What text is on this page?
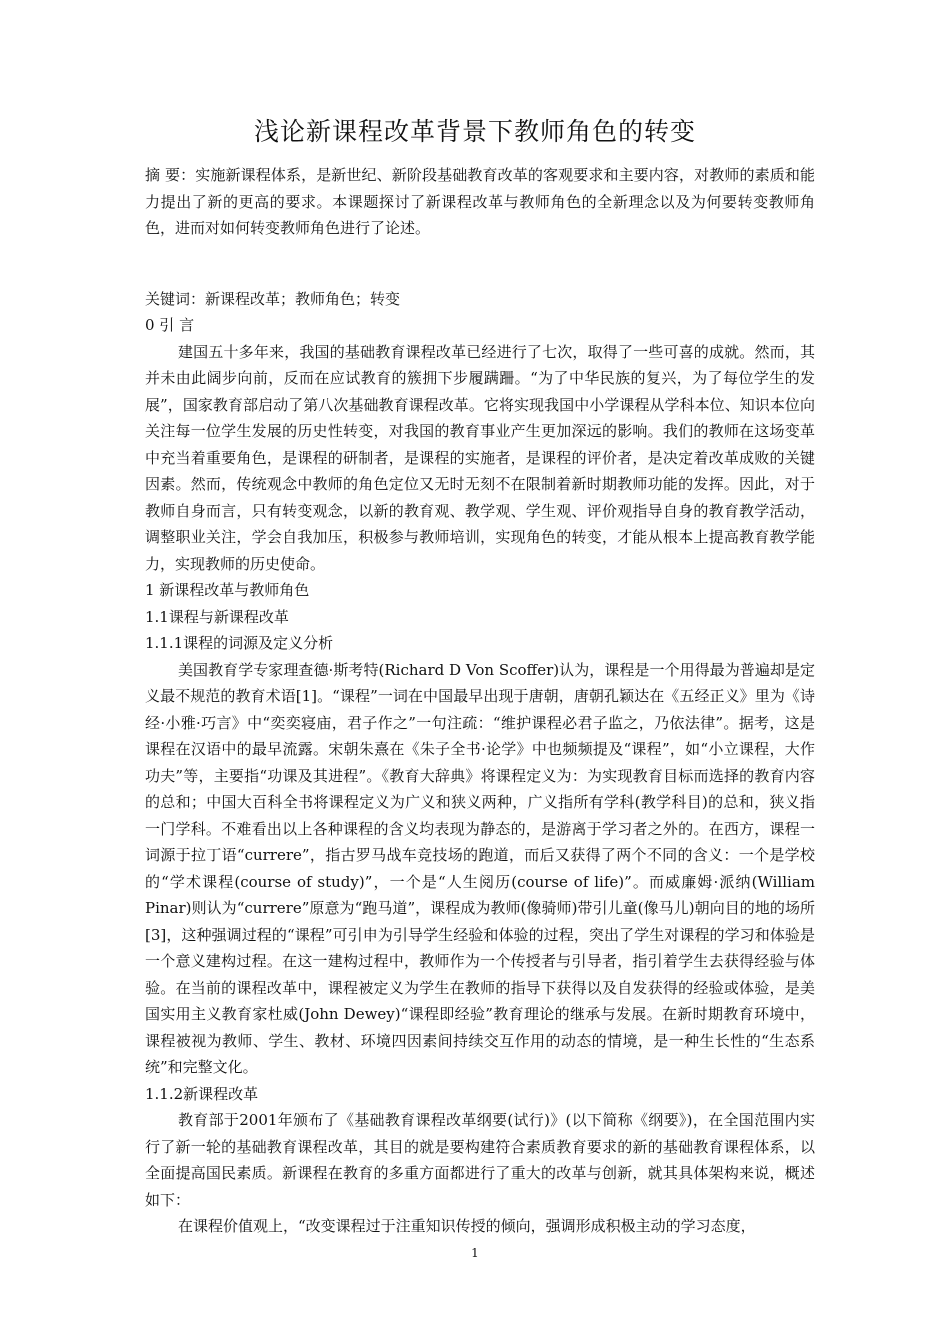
浅论新课程改革背景下教师角色的转变

摘 要：实施新课程体系，是新世纪、新阶段基础教育改革的客观要求和主要内容，对教师的素质和能力提出了新的更高的要求。本课题探讨了新课程改革与教师角色的全新理念以及为何要转变教师角色，进而对如何转变教师角色进行了论述。

关键词：新课程改革；教师角色；转变

0 引 言

建国五十多年来，我国的基础教育课程改革已经进行了七次，取得了一些可喜的成就。然而，其并未由此阔步向前，反而在应试教育的簇拥下步履蹒跚。“为了中华民族的复兴，为了每位学生的发展”，国家教育部启动了第八次基础教育课程改革。它将实现我国中小学课程从学科本位、知识本位向关注每一位学生发展的历史性转变，对我国的教育事业产生更加深远的影响。我们的教师在这场变革中充当着重要角色，是课程的研制者，是课程的实施者，是课程的评价者，是决定着改革成败的关键因素。然而，传统观念中教师的角色定位又无时无刻不在限制着新时期教师功能的发挥。因此，对于教师自身而言，只有转变观念，以新的教育观、教学观、学生观、评价观指导自身的教育教学活动，调整职业关注，学会自我加压，积极参与教师培训，实现角色的转变，才能从根本上提高教育教学能力，实现教师的历史使命。

1 新课程改革与教师角色

1.1课程与新课程改革

1.1.1课程的词源及定义分析

美国教育学专家理查德·斯考特(Richard D Von Scoffer)认为，课程是一个用得最为普遍却是定义最不规范的教育术语[1]。“课程”一词在中国最早出现于唐朝，唐朝孔颖达在《五经正义》里为《诗经·小雅·巧言》中“奕奕寝庙，君子作之”一句注疏：“维护课程必君子监之，乃依法律”。据考，这是课程在汉语中的最早流露。宋朝朱熹在《朱子全书·论学》中也频频提及“课程”，如“小立课程，大作功夫”等，主要指“功课及其进程”。《教育大辞典》将课程定义为：为实现教育目标而选择的教育内容的总和；中国大百科全书将课程定义为广义和狭义两种，广义指所有学科(教学科目)的总和，狭义指一门学科。不难看出以上各种课程的含义均表现为静态的，是游离于学习者之外的。在西方，课程一词源于拉丁语“currere”，指古罗马战车竞技场的跑道，而后又获得了两个不同的含义：一个是学校的“学术课程(course of study)”，一个是“人生阅历(course of life)”。而威廉姆·派纳(William Pinar)则认为“currere”原意为“跑马道”，课程成为教师(像骑师)带引儿童(像马儿)朝向目的地的场所[3]，这种强调过程的“课程”可引申为引导学生经验和体验的过程，突出了学生对课程的学习和体验是一个意义建构过程。在这一建构过程中，教师作为一个传授者与引导者，指引着学生去获得经验与体验。在当前的课程改革中，课程被定义为学生在教师的指导下获得以及自发获得的经验或体验，是美国实用主义教育家杜威(John Dewey)“课程即经验”教育理论的继承与发展。在新时期教育环境中，课程被视为教师、学生、教材、环境四因素间持续交互作用的动态的情境，是一种生长性的“生态系统”和完整文化。

1.1.2新课程改革

教育部于2001年颁布了《基础教育课程改革纲要(试行)》(以下简称《纲要》)，在全国范围内实行了新一轮的基础教育课程改革，其目的就是要构建符合素质教育要求的新的基础教育课程体系，以全面提高国民素质。新课程在教育的多重方面都进行了重大的改革与创新，就其具体架构来说，概述如下：

在课程价值观上，“改变课程过于注重知识传授的倾向，强调形成积极主动的学习态度，

1
